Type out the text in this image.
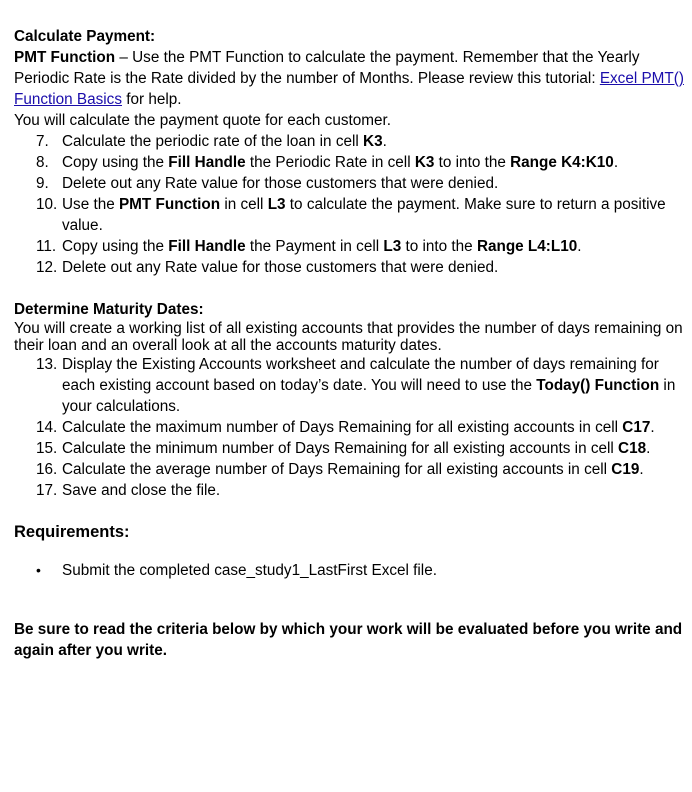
Calculate Payment:

PMT Function – Use the PMT Function to calculate the payment. Remember that the Yearly Periodic Rate is the Rate divided by the number of Months. Please review this tutorial: Excel PMT() Function Basics for help.

You will calculate the payment quote for each customer.
7. Calculate the periodic rate of the loan in cell K3.
8. Copy using the Fill Handle the Periodic Rate in cell K3 to into the Range K4:K10.
9. Delete out any Rate value for those customers that were denied.
10. Use the PMT Function in cell L3 to calculate the payment. Make sure to return a positive value.
11. Copy using the Fill Handle the Payment in cell L3 to into the Range L4:L10.
12. Delete out any Rate value for those customers that were denied.
Determine Maturity Dates:
You will create a working list of all existing accounts that provides the number of days remaining on their loan and an overall look at all the accounts maturity dates.
13. Display the Existing Accounts worksheet and calculate the number of days remaining for each existing account based on today’s date. You will need to use the Today() Function in your calculations.
14. Calculate the maximum number of Days Remaining for all existing accounts in cell C17.
15. Calculate the minimum number of Days Remaining for all existing accounts in cell C18.
16. Calculate the average number of Days Remaining for all existing accounts in cell C19.
17. Save and close the file.
Requirements:
• Submit the completed case_study1_LastFirst Excel file.
Be sure to read the criteria below by which your work will be evaluated before you write and again after you write.
